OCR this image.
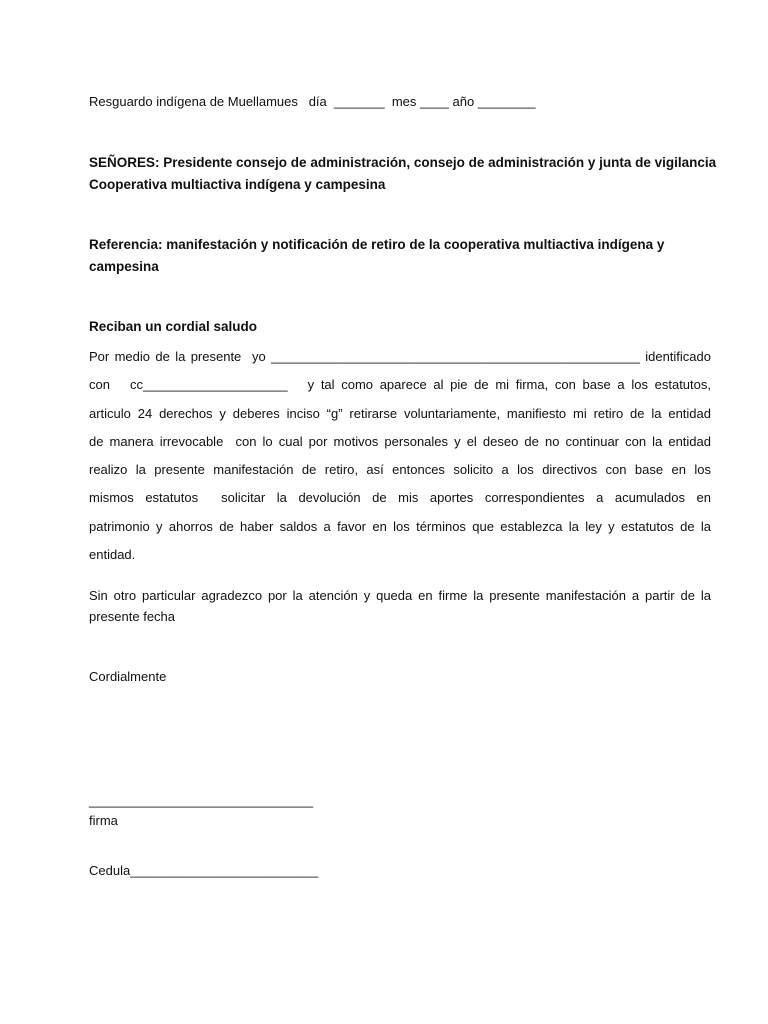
Resguardo indígena de Muellamues   día  _______  mes ____ año ________
SEÑORES: Presidente consejo de administración, consejo de administración y junta de vigilancia
Cooperativa multiactiva indígena y campesina
Referencia: manifestación y notificación de retiro de la cooperativa multiactiva indígena y
campesina
Reciban un cordial saludo
Por medio de la presente  yo ___________________________________________________ identificado
con   cc____________________   y tal como aparece al pie de mi firma, con base a los estatutos,
articulo 24 derechos y deberes inciso “g” retirarse voluntariamente, manifiesto mi retiro de la entidad
de manera irrevocable  con lo cual por motivos personales y el deseo de no continuar con la entidad
realizo la presente manifestación de retiro, así entonces solicito a los directivos con base en los
mismos estatutos  solicitar la devolución de mis aportes correspondientes a acumulados en
patrimonio y ahorros de haber saldos a favor en los términos que establezca la ley y estatutos de la
entidad.
Sin otro particular agradezco por la atención y queda en firme la presente manifestación a partir de la
presente fecha
Cordialmente
_______________________________
firma
Cedula__________________________
